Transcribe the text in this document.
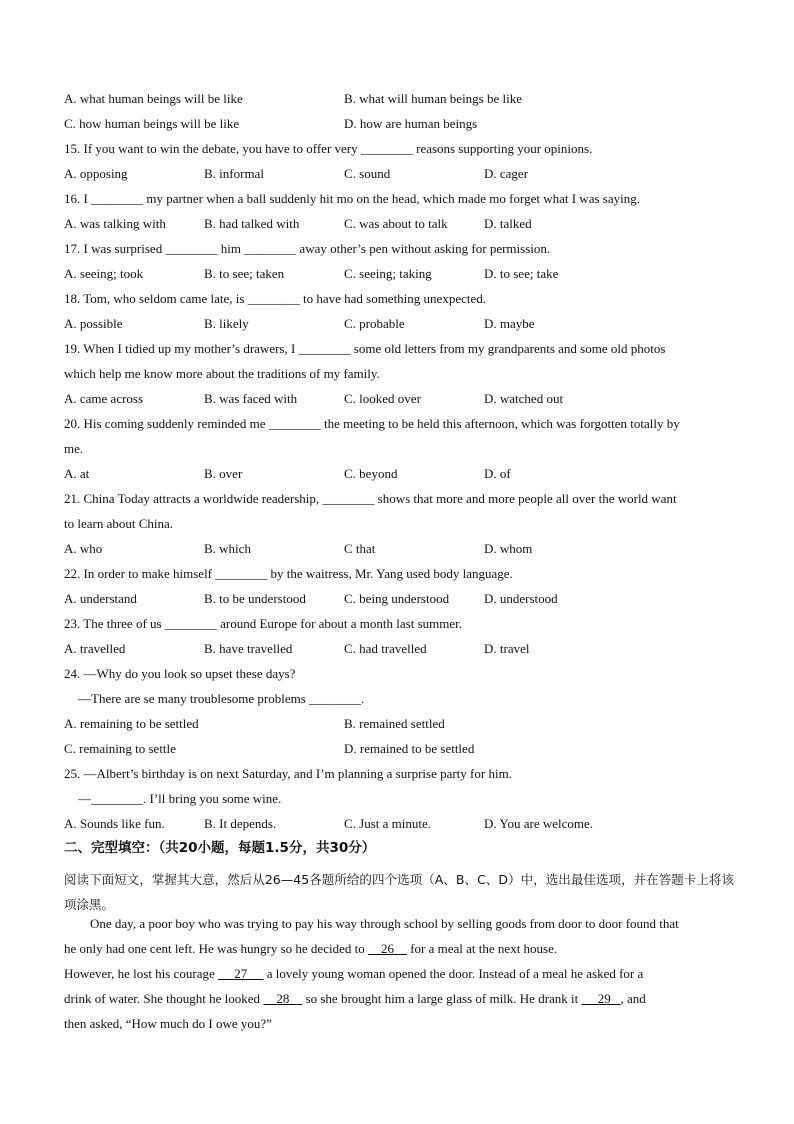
A. what human beings will be like	B. what will human beings be like
C. how human beings will be like	D. how are human beings
15. If you want to win the debate, you have to offer very ________ reasons supporting your opinions.
A. opposing	B. informal	C. sound	D. cager
16. I ________ my partner when a ball suddenly hit mo on the head, which made mo forget what I was saying.
A. was talking with	B. had talked with	C. was about to talk	D. talked
17. I was surprised ________ him ________ away other’s pen without asking for permission.
A. seeing; took	B. to see; taken	C. seeing; taking	D. to see; take
18. Tom, who seldom came late, is ________ to have had something unexpected.
A. possible	B. likely	C. probable	D. maybe
19. When I tidied up my mother’s drawers, I ________ some old letters from my grandparents and some old photos
which help me know more about the traditions of my family.
A. came across	B. was faced with	C. looked over	D. watched out
20. His coming suddenly reminded me ________ the meeting to be held this afternoon, which was forgotten totally by
me.
A. at	B. over	C. beyond	D. of
21. China Today attracts a worldwide readership, ________ shows that more and more people all over the world want
to learn about China.
A. who	B. which	C that	D. whom
22. In order to make himself ________ by the waitress, Mr. Yang used body language.
A. understand	B. to be understood	C. being understood	D. understood
23. The three of us ________ around Europe for about a month last summer.
A. travelled	B. have travelled	C. had travelled	D. travel
24. —Why do you look so upset these days?
—There are se many troublesome problems ________.
A. remaining to be settled	B. remained settled
C. remaining to settle	D. remained to be settled
25. —Albert’s birthday is on next Saturday, and I’m planning a surprise party for him.
—________. I’ll bring you some wine.
A. Sounds like fun.	B. It depends.	C. Just a minute.	D. You are welcome.
二、完型填空：（共20小题，每题1.5分，共30分）
阅读下面短文，掌握其大意，然后从26—45各题所给的四个选项（A、B、C、D）中，选出最佳选项，并在答题卡上将该项涂黑。
One day, a poor boy who was trying to pay his way through school by selling goods from door to door found that
he only had one cent left. He was hungry so he decided to     26     for a meal at the next house.
However, he lost his courage      27      a lovely young woman opened the door. Instead of a meal he asked for a
drink of water. She thought he looked     28     so she brought him a large glass of milk. He drank it      29 , and
then asked, “How much do I owe you?”
